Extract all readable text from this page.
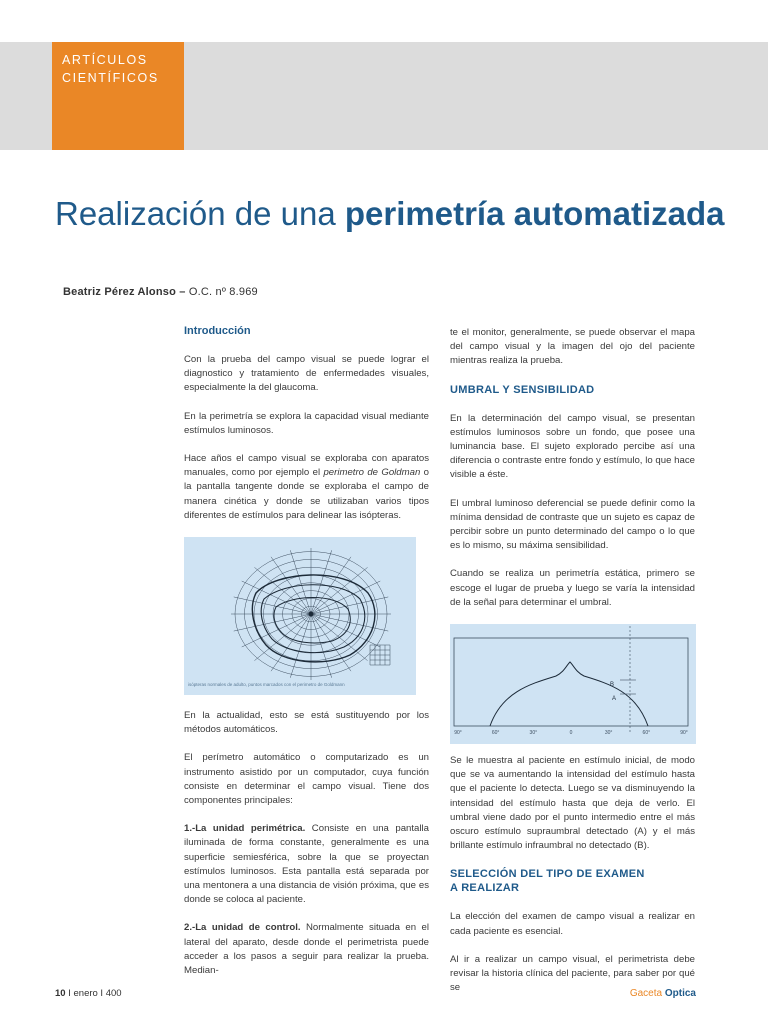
ARTÍCULOS
CIENTÍFICOS
Realización de una perimetría automatizada
Beatriz Pérez Alonso – O.C. nº 8.969
Introducción

Con la prueba del campo visual se puede lograr el diagnostico y tratamiento de enfermedades visuales, especialmente la del glaucoma.

En la perimetría se explora la capacidad visual mediante estímulos luminosos.

Hace años el campo visual se exploraba con aparatos manuales, como por ejemplo el perimetro de Goldman o la pantalla tangente donde se exploraba el campo de manera cinética y donde se utilizaban varios tipos diferentes de estímulos para delinear las isópteras.

isópteras normales de adulto, puntos marcados con el perimetro de Goldmann

En la actualidad, esto se está sustituyendo por los métodos automáticos.

El perímetro automático o computarizado es un instrumento asistido por un computador, cuya función consiste en determinar el campo visual. Tiene dos componentes principales:

1.-La unidad perimétrica. Consiste en una pantalla iluminada de forma constante, generalmente es una superficie semiesférica, sobre la que se proyectan estímulos luminosos. Esta pantalla está separada por una mentonera a una distancia de visión próxima, que es donde se coloca al paciente.

2.-La unidad de control. Normalmente situada en el lateral del aparato, desde donde el perimetrista puede acceder a los pasos a seguir para realizar la prueba. Median-

te el monitor, generalmente, se puede observar el mapa del campo visual y la imagen del ojo del paciente mientras realiza la prueba.

UMBRAL Y SENSIBILIDAD

En la determinación del campo visual, se presentan estímulos luminosos sobre un fondo, que posee una luminancia base. El sujeto explorado percibe así una diferencia o contraste entre fondo y estímulo, lo que hace visible a éste.

El umbral luminoso deferencial se puede definir como la mínima densidad de contraste que un sujeto es capaz de percibir sobre un punto determinado del campo o lo que es lo mismo, su máxima sensibilidad.

Cuando se realiza un perimetría estática, primero se escoge el lugar de prueba y luego se varía la intensidad de la señal para determinar el umbral.

B
A
90°	60°	30°	0	30°	60°	90°

Se le muestra al paciente en estímulo inicial, de modo que se va aumentando la intensidad del estímulo hasta que el paciente lo detecta. Luego se va disminuyendo la intensidad del estímulo hasta que deja de verlo. El umbral viene dado por el punto intermedio entre el más oscuro estímulo supraumbral detectado (A) y el más brillante estímulo infraumbral no detectado (B).

SELECCIÓN DEL TIPO DE EXAMEN
A REALIZAR

La elección del examen de campo visual a realizar en cada paciente es esencial.

Al ir a realizar un campo visual, el perimetrista debe revisar la historia clínica del paciente, para saber por qué se

10 I enero I 400	Gaceta Optica
